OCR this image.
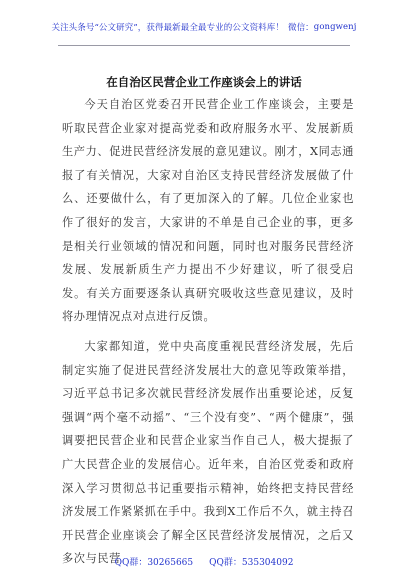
关注头条号“公文研究”，获得最新最全最专业的公文资料库！ 微信： gongwenj
在自治区民营企业工作座谈会上的讲话

今天自治区党委召开民营企业工作座谈会，主要是听取民营企业家对提高党委和政府服务水平、发展新质生产力、促进民营经济发展的意见建议。刚才，X同志通报了有关情况，大家对自治区支持民营经济发展做了什么、还要做什么，有了更加深入的了解。几位企业家也作了很好的发言，大家讲的不单是自己企业的事，更多是相关行业领域的情况和问题，同时也对服务民营经济发展、发展新质生产力提出不少好建议，听了很受启发。有关方面要逐条认真研究吸收这些意见建议，及时将办理情况点对点进行反馈。

大家都知道，党中央高度重视民营经济发展，先后制定实施了促进民营经济发展壮大的意见等政策举措，习近平总书记多次就民营经济发展作出重要论述，反复强调“两个毫不动摇”、“三个没有变”、“两个健康”，强调要把民营企业和民营企业家当作自己人，极大提振了广大民营企业的发展信心。近年来，自治区党委和政府深入学习贯彻总书记重要指示精神，始终把支持民营经济发展工作紧紧抓在手中。我到X工作后不久，就主持召开民营企业座谈会了解全区民营经济发展情况，之后又多次与民营

QQ群：30265665 QQ群：535304092
